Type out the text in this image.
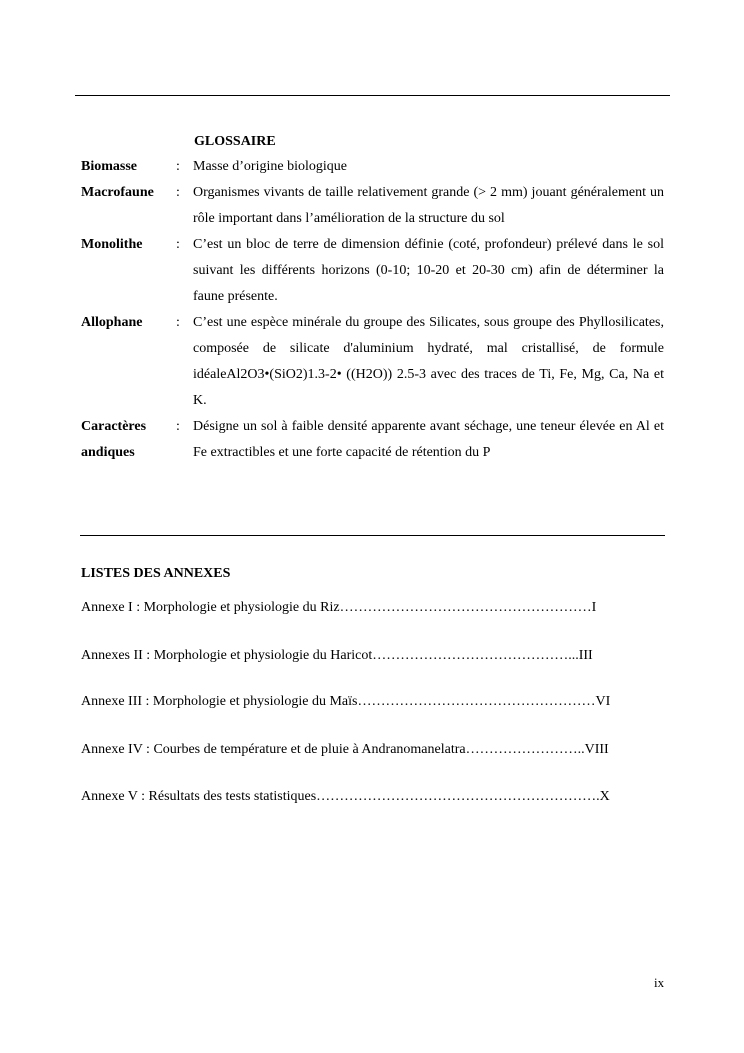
GLOSSAIRE
Biomasse	: Masse d’origine biologique
Macrofaune : Organismes vivants de taille relativement grande (> 2 mm) jouant généralement un rôle important dans l’amélioration de la structure du sol
Monolithe : C’est un bloc de terre de dimension définie (coté, profondeur) prélevé dans le sol suivant les différents horizons (0-10; 10-20 et 20-30 cm) afin de déterminer la faune présente.
Allophane : C’est une espèce minérale du groupe des Silicates, sous groupe des Phyllosilicates, composée de silicate d'aluminium hydraté, mal cristallisé, de formule idéaleAl2O3•(SiO2)1.3-2• ((H2O)) 2.5-3 avec des traces de Ti, Fe, Mg, Ca, Na et K.
Caractères
andiques
: Désigne un sol à faible densité apparente avant séchage, une teneur élevée en Al et Fe extractibles et une forte capacité de rétention du P
LISTES DES ANNEXES
Annexe I : Morphologie et physiologie du Riz………………………………………………I
Annexes II : Morphologie et physiologie du Haricot……………………………………...III
Annexe III : Morphologie et physiologie du Maïs……………………………………………VI
Annexe IV : Courbes de température et de pluie à Andranomanelatra……………………..VIII
Annexe V : Résultats des tests statistiques…………………………………………………….X
ix
